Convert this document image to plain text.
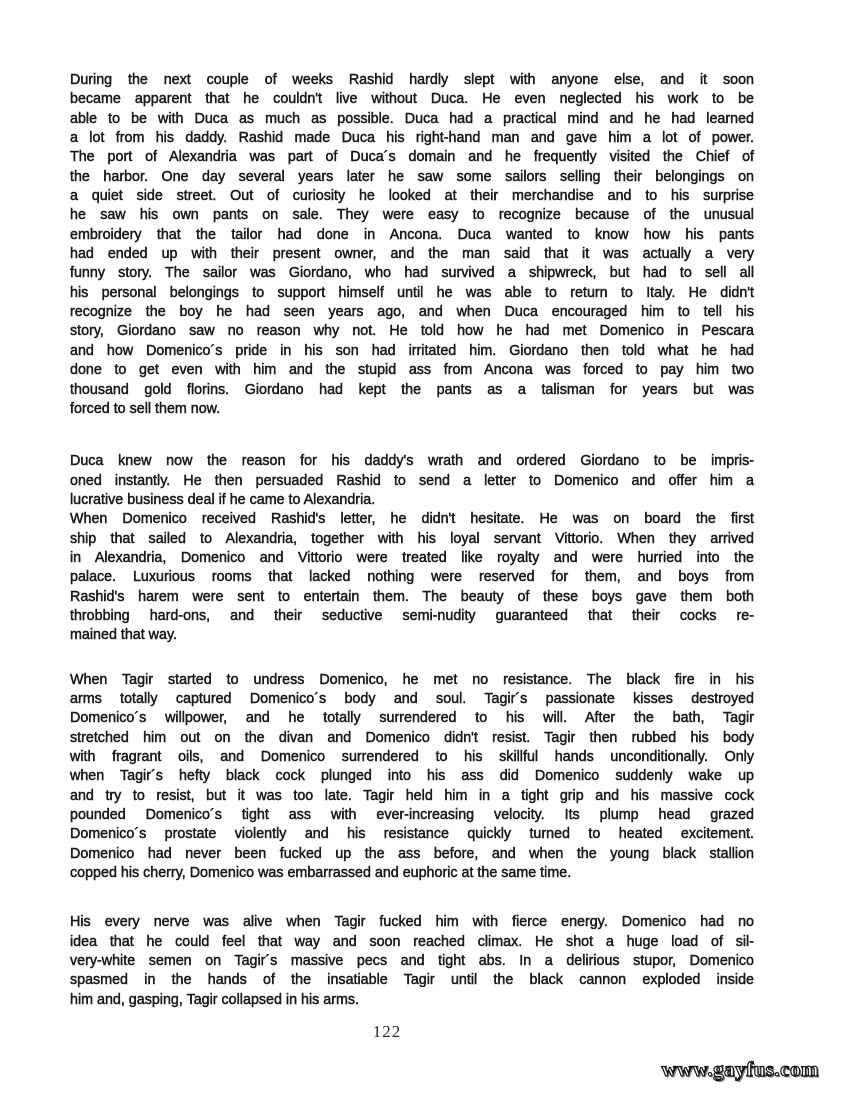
During the next couple of weeks Rashid hardly slept with anyone else, and it soon
became apparent that he couldn't live without Duca. He even neglected his work to be
able to be with Duca as much as possible. Duca had a practical mind and he had learned
a lot from his daddy. Rashid made Duca his right-hand man and gave him a lot of power.
The port of Alexandria was part of Duca´s domain and he frequently visited the Chief of
the harbor. One day several years later he saw some sailors selling their belongings on
a quiet side street. Out of curiosity he looked at their merchandise and to his surprise
he saw his own pants on sale. They were easy to recognize because of the unusual
embroidery that the tailor had done in Ancona. Duca wanted to know how his pants
had ended up with their present owner, and the man said that it was actually a very
funny story. The sailor was Giordano, who had survived a shipwreck, but had to sell all
his personal belongings to support himself until he was able to return to Italy. He didn't
recognize the boy he had seen years ago, and when Duca encouraged him to tell his
story, Giordano saw no reason why not. He told how he had met Domenico in Pescara
and how Domenico´s pride in his son had irritated him. Giordano then told what he had
done to get even with him and the stupid ass from Ancona was forced to pay him two
thousand gold florins. Giordano had kept the pants as a talisman for years but was
forced to sell them now.
Duca knew now the reason for his daddy's wrath and ordered Giordano to be impris-
oned instantly. He then persuaded Rashid to send a letter to Domenico and offer him a
lucrative business deal if he came to Alexandria.
When Domenico received Rashid's letter, he didn't hesitate. He was on board the first
ship that sailed to Alexandria, together with his loyal servant Vittorio. When they arrived
in Alexandria, Domenico and Vittorio were treated like royalty and were hurried into the
palace. Luxurious rooms that lacked nothing were reserved for them, and boys from
Rashid's harem were sent to entertain them. The beauty of these boys gave them both
throbbing hard-ons, and their seductive semi-nudity guaranteed that their cocks re-
mained that way.
When Tagir started to undress Domenico, he met no resistance. The black fire in his
arms totally captured Domenico´s body and soul. Tagir´s passionate kisses destroyed
Domenico´s willpower, and he totally surrendered to his will. After the bath, Tagir
stretched him out on the divan and Domenico didn't resist. Tagir then rubbed his body
with fragrant oils, and Domenico surrendered to his skillful hands unconditionally. Only
when Tagir´s hefty black cock plunged into his ass did Domenico suddenly wake up
and try to resist, but it was too late. Tagir held him in a tight grip and his massive cock
pounded Domenico´s tight ass with ever-increasing velocity. Its plump head grazed
Domenico´s prostate violently and his resistance quickly turned to heated excitement.
Domenico had never been fucked up the ass before, and when the young black stallion
copped his cherry, Domenico was embarrassed and euphoric at the same time.
His every nerve was alive when Tagir fucked him with fierce energy. Domenico had no
idea that he could feel that way and soon reached climax. He shot a huge load of sil-
very-white semen on Tagir´s massive pecs and tight abs. In a delirious stupor, Domenico
spasmed in the hands of the insatiable Tagir until the black cannon exploded inside
him and, gasping, Tagir collapsed in his arms.
122
www.gayfus.com
